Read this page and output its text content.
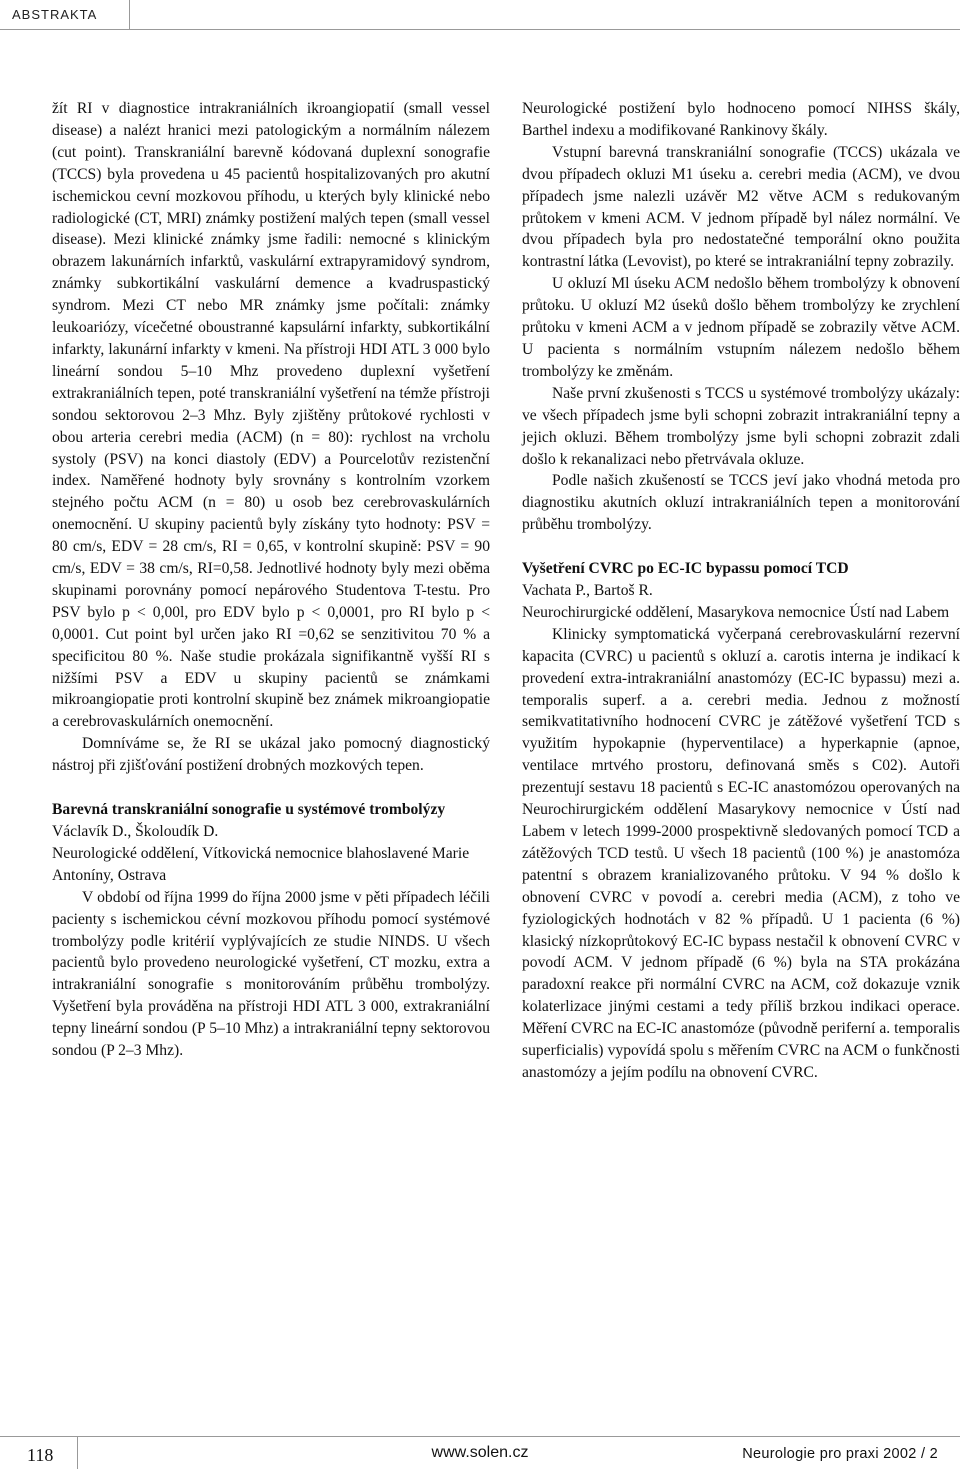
ABSTRAKTA

žít RI v diagnostice intrakraniálních ikroangiopatií (small vessel disease) a nalézt hranici mezi patologickým a normálním nálezem (cut point). Transkraniální barevně kódovaná duplexní sonografie (TCCS) byla provedena u 45 pacientů hospitalizovaných pro akutní ischemickou cevní mozkovou příhodu, u kterých byly klinické nebo radiologické (CT, MRI) známky postižení malých tepen (small vessel disease). Mezi klinické známky jsme řadili: nemocné s klinickým obrazem lakunárních infarktů, vaskulární extrapyramidový syndrom, známky subkortikální vaskulární demence a kvadruspastický syndrom. Mezi CT nebo MR známky jsme počítali: známky leukoariózy, vícečetné oboustranné kapsulární infarkty, subkortikální infarkty, lakunární infarkty v kmeni. Na přístroji HDI ATL 3 000 bylo lineární sondou 5–10 Mhz provedeno duplexní vyšetření extrakraniálních tepen, poté transkraniální vyšetření na témže přístroji sondou sektorovou 2–3 Mhz. Byly zjištěny průtokové rychlosti v obou arteria cerebri media (ACM) (n = 80): rychlost na vrcholu systoly (PSV) na konci diastoly (EDV) a Pourcelotův rezistenční index. Naměřené hodnoty byly srovnány s kontrolním vzorkem stejného počtu ACM (n = 80) u osob bez cerebrovaskulárních onemocnění. U skupiny pacientů byly získány tyto hodnoty: PSV = 80 cm/s, EDV = 28 cm/s, RI = 0,65, v kontrolní skupině: PSV = 90 cm/s, EDV = 38 cm/s, RI=0,58. Jednotlivé hodnoty byly mezi oběma skupinami porovnány pomocí nepárového Studentova T-testu. Pro PSV bylo p < 0,00l, pro EDV bylo p < 0,0001, pro RI bylo p < 0,0001. Cut point byl určen jako RI =0,62 se senzitivitou 70 % a specificitou 80 %. Naše studie prokázala signifikantně vyšší RI s nižšími PSV a EDV u skupiny pacientů se známkami mikroangiopatie proti kontrolní skupině bez známek mikroangiopatie a cerebrovaskulárních onemocnění.

Domníváme se, že RI se ukázal jako pomocný diagnostický nástroj při zjišťování postižení drobných mozkových tepen.

Barevná transkraniální sonografie u systémové trombolýzy

Václavík D., Školoudík D.

Neurologické oddělení, Vítkovická nemocnice blahoslavené Marie Antoníny, Ostrava

V období od října 1999 do října 2000 jsme v pěti případech léčili pacienty s ischemickou cévní mozkovou příhodu pomocí systémové trombolýzy podle kritérií vyplývajících ze studie NINDS. U všech pacientů bylo provedeno neurologické vyšetření, CT mozku, extra a intrakraniální sonografie s monitorováním průběhu trombolýzy. Vyšetření byla prováděna na přístroji HDI ATL 3 000, extrakraniální tepny lineární sondou (P 5–10 Mhz) a intrakraniální tepny sektorovou sondou (P 2–3 Mhz).

Neurologické postižení bylo hodnoceno pomocí NIHSS škály, Barthel indexu a modifikované Rankinovy škály.

Vstupní barevná transkraniální sonografie (TCCS) ukázala ve dvou případech okluzi M1 úseku a. cerebri media (ACM), ve dvou případech jsme nalezli uzávěr M2 větve ACM s redukovaným průtokem v kmeni ACM. V jednom případě byl nález normální. Ve dvou případech byla pro nedostatečné temporální okno použita kontrastní látka (Levovist), po které se intrakraniální tepny zobrazily.

U okluzí Ml úseku ACM nedošlo během trombolýzy k obnovení průtoku. U okluzí M2 úseků došlo během trombolýzy ke zrychlení průtoku v kmeni ACM a v jednom případě se zobrazily větve ACM. U pacienta s normálním vstupním nálezem nedošlo během trombolýzy ke změnám.

Naše první zkušenosti s TCCS u systémové trombolýzy ukázaly: ve všech případech jsme byli schopni zobrazit intrakraniální tepny a jejich okluzi. Během trombolýzy jsme byli schopni zobrazit zdali došlo k rekanalizaci nebo přetrvávala okluze.

Podle našich zkušeností se TCCS jeví jako vhodná metoda pro diagnostiku akutních okluzí intrakraniálních tepen a monitorování průběhu trombolýzy.

Vyšetření CVRC po EC-IC bypassu pomocí TCD

Vachata P., Bartoš R.

Neurochirurgické oddělení, Masarykova nemocnice Ústí nad Labem

Klinicky symptomatická vyčerpaná cerebrovaskulární rezervní kapacita (CVRC) u pacientů s okluzí a. carotis interna je indikací k provedení extra-intrakraniální anastomózy (EC-IC bypassu) mezi a. temporalis superf. a a. cerebri media. Jednou z možností semikvatitativního hodnocení CVRC je zátěžové vyšetření TCD s využitím hypokapnie (hyperventilace) a hyperkapnie (apnoe, ventilace mrtvého prostoru, definovaná směs s C02). Autoři prezentují sestavu 18 pacientů s EC-IC anastomózou operovaných na Neurochirurgickém oddělení Masarykovy nemocnice v Ústí nad Labem v letech 1999-2000 prospektivně sledovaných pomocí TCD a zátěžových TCD testů. U všech 18 pacientů (100 %) je anastomóza patentní s obrazem kranializovaného průtoku. V 94 % došlo k obnovení CVRC v povodí a. cerebri media (ACM), z toho ve fyziologických hodnotách v 82 % případů. U 1 pacienta (6 %) klasický nízkoprůtokový EC-IC bypass nestačil k obnovení CVRC v povodí ACM. V jednom případě (6 %) byla na STA prokázána paradoxní reakce při normální CVRC na ACM, což dokazuje vznik kolaterlizace jinými cestami a tedy příliš brzkou indikaci operace. Měření CVRC na EC-IC anastomóze (původně periferní a. temporalis superficialis) vypovídá spolu s měřením CVRC na ACM o funkčnosti anastomózy a jejím podílu na obnovení CVRC.

118	www.solen.cz	Neurologie pro praxi 2002 / 2
